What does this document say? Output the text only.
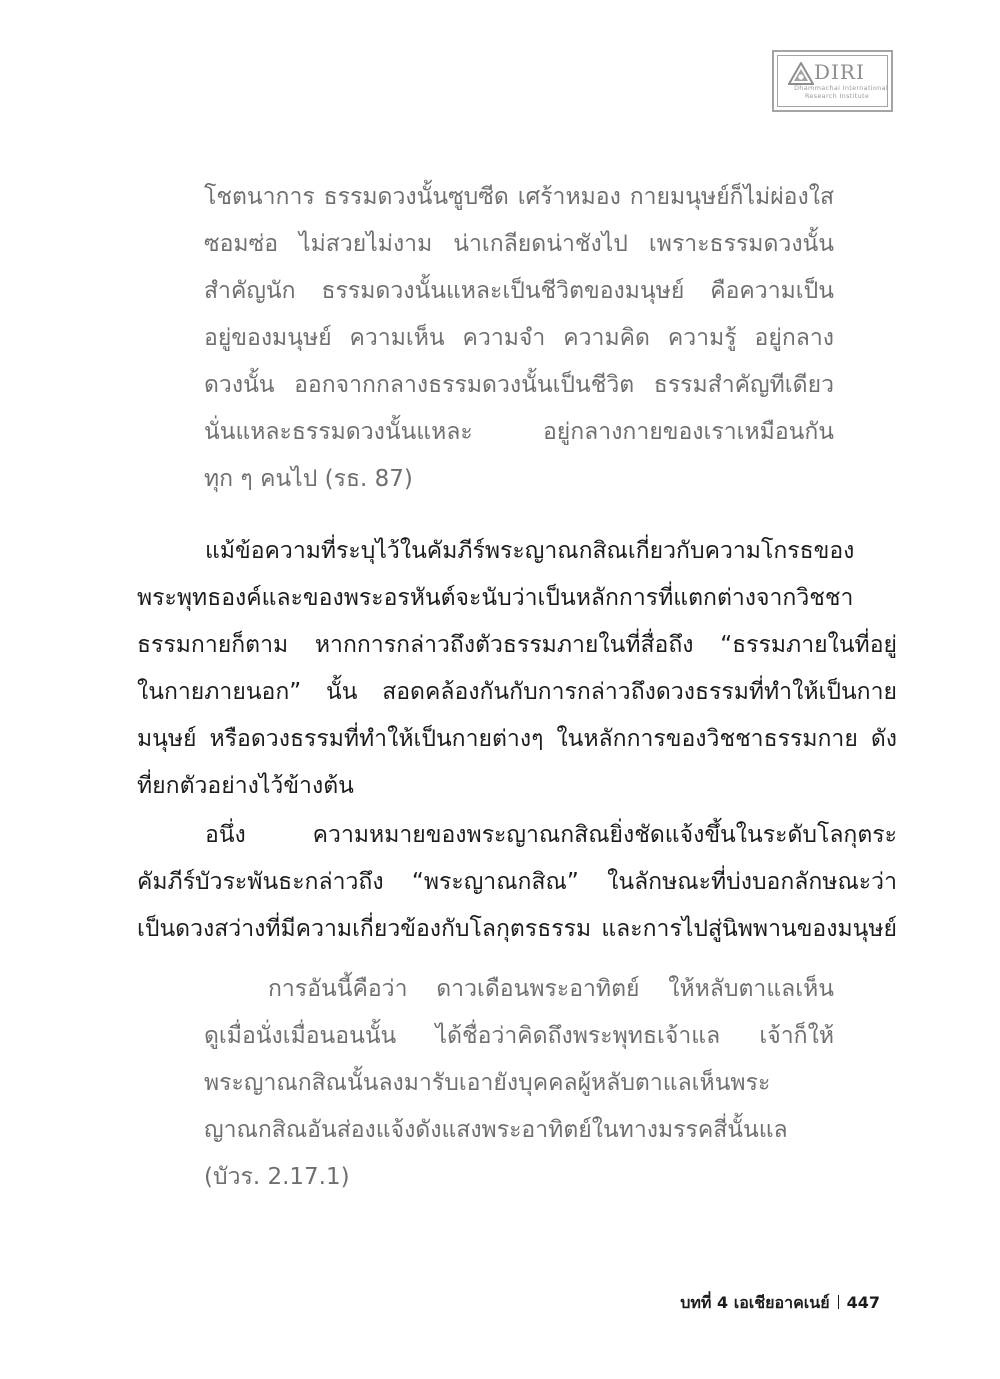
DIRI
Dhammachai International
Research Institute
โชตนาการ ธรรมดวงนั้นซูบซีด เศร้าหมอง กายมนุษย์ก็ไม่ผ่องใส
ซอมซ่อ ไม่สวยไม่งาม น่าเกลียดน่าชังไป เพราะธรรมดวงนั้น
สำคัญนัก ธรรมดวงนั้นแหละเป็นชีวิตของมนุษย์ คือความเป็น
อยู่ของมนุษย์ ความเห็น ความจำ ความคิด ความรู้ อยู่กลาง
ดวงนั้น ออกจากกลางธรรมดวงนั้นเป็นชีวิต ธรรมสำคัญทีเดียว
นั่นแหละธรรมดวงนั้นแหละ อยู่กลางกายของเราเหมือนกัน
ทุก ๆ คนไป (รธ. 87)
แม้ข้อความที่ระบุไว้ในคัมภีร์พระญาณกสิณเกี่ยวกับความโกรธของ
พระพุทธองค์และของพระอรหันต์จะนับว่าเป็นหลักการที่แตกต่างจากวิชชา
ธรรมกายก็ตาม หากการกล่าวถึงตัวธรรมภายในที่สื่อถึง “ธรรมภายในที่อยู่
ในกายภายนอก” นั้น สอดคล้องกันกับการกล่าวถึงดวงธรรมที่ทำให้เป็นกาย
มนุษย์ หรือดวงธรรมที่ทำให้เป็นกายต่างๆ ในหลักการของวิชชาธรรมกาย ดัง
ที่ยกตัวอย่างไว้ข้างต้น
อนึ่ง ความหมายของพระญาณกสิณยิ่งชัดแจ้งขึ้นในระดับโลกุตระ
คัมภีร์บัวระพันธะกล่าวถึง “พระญาณกสิณ” ในลักษณะที่บ่งบอกลักษณะว่า
เป็นดวงสว่างที่มีความเกี่ยวข้องกับโลกุตรธรรม และการไปสู่นิพพานของมนุษย์
การอันนี้คือว่า ดาวเดือนพระอาทิตย์ ให้หลับตาแลเห็น
ดูเมื่อนั่งเมื่อนอนนั้น ได้ชื่อว่าคิดถึงพระพุทธเจ้าแล เจ้าก็ให้
พระญาณกสิณนั้นลงมารับเอายังบุคคลผู้หลับตาแลเห็นพระ
ญาณกสิณอันส่องแจ้งดังแสงพระอาทิตย์ในทางมรรคสี่นั้นแล
(บัวร. 2.17.1)
บทที่ 4 เอเชียอาคเนย์ 447
